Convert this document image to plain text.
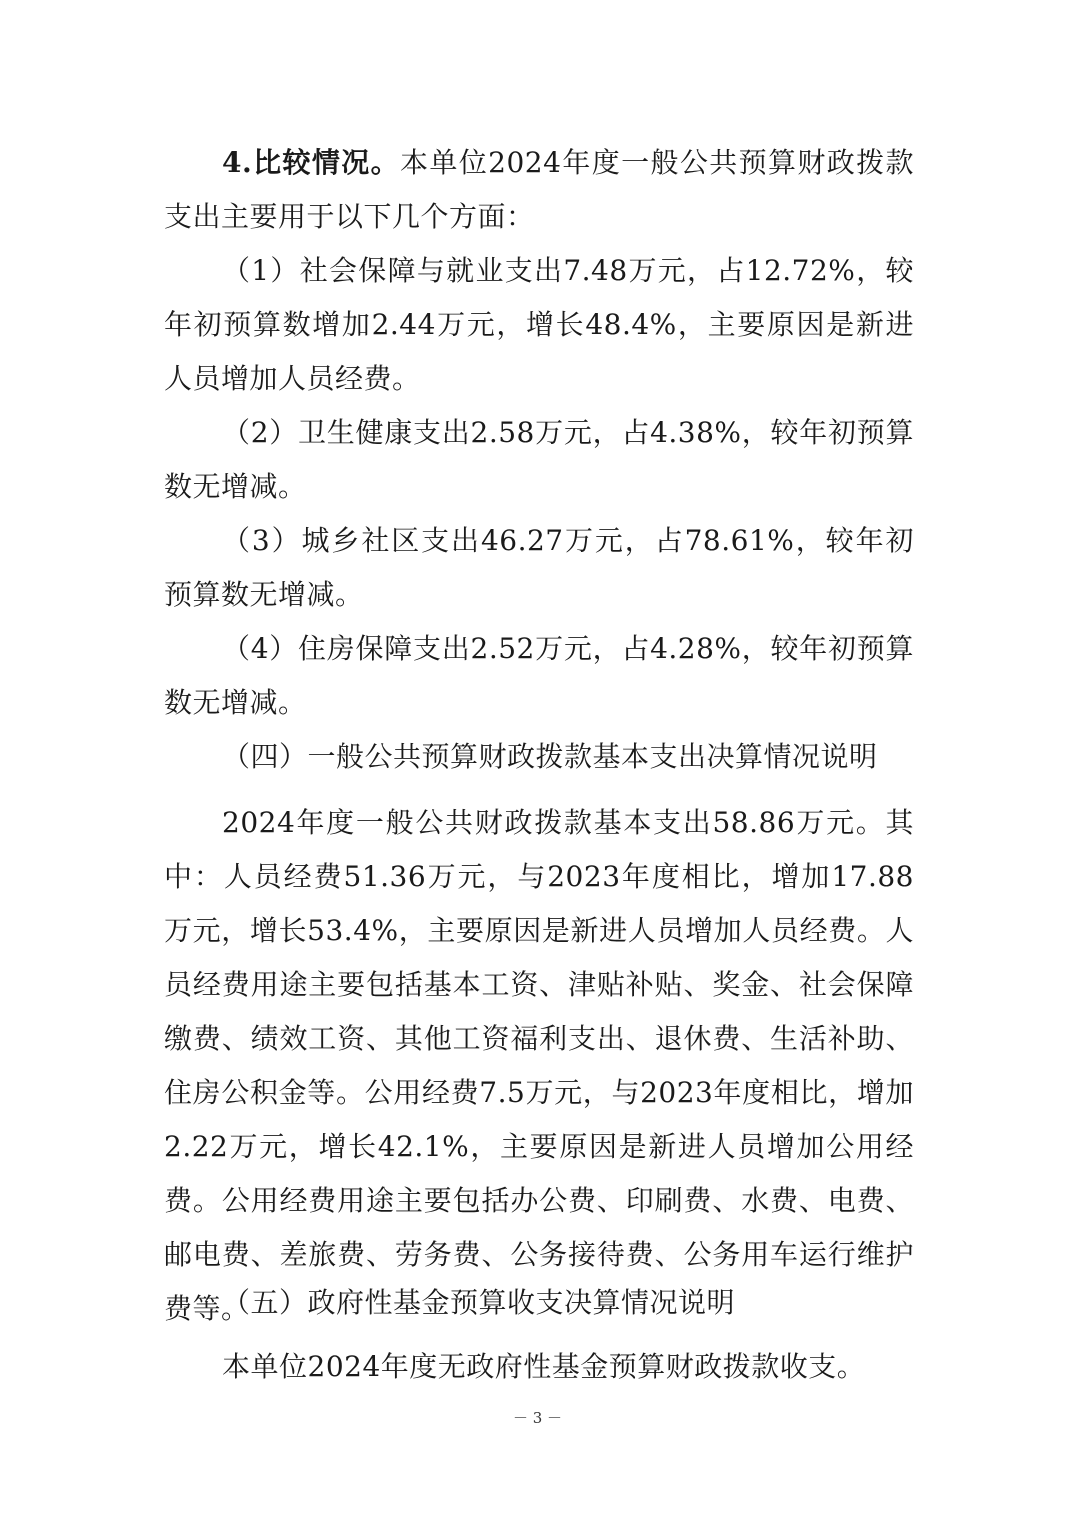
4.比较情况。本单位2024年度一般公共预算财政拨款支出主要用于以下几个方面：

（1）社会保障与就业支出7.48万元，占12.72%，较年初预算数增加2.44万元，增长48.4%，主要原因是新进人员增加人员经费。

（2）卫生健康支出2.58万元，占4.38%，较年初预算数无增减。

（3）城乡社区支出46.27万元，占78.61%，较年初预算数无增减。

（4）住房保障支出2.52万元，占4.28%，较年初预算数无增减。

（四）一般公共预算财政拨款基本支出决算情况说明

2024年度一般公共财政拨款基本支出58.86万元。其中：人员经费51.36万元，与2023年度相比，增加17.88万元，增长53.4%，主要原因是新进人员增加人员经费。人员经费用途主要包括基本工资、津贴补贴、奖金、社会保障缴费、绩效工资、其他工资福利支出、退休费、生活补助、住房公积金等。公用经费7.5万元，与2023年度相比，增加2.22万元，增长42.1%，主要原因是新进人员增加公用经费。公用经费用途主要包括办公费、印刷费、水费、电费、邮电费、差旅费、劳务费、公务接待费、公务用车运行维护费等。

（五）政府性基金预算收支决算情况说明

本单位2024年度无政府性基金预算财政拨款收支。

－ 3 －
